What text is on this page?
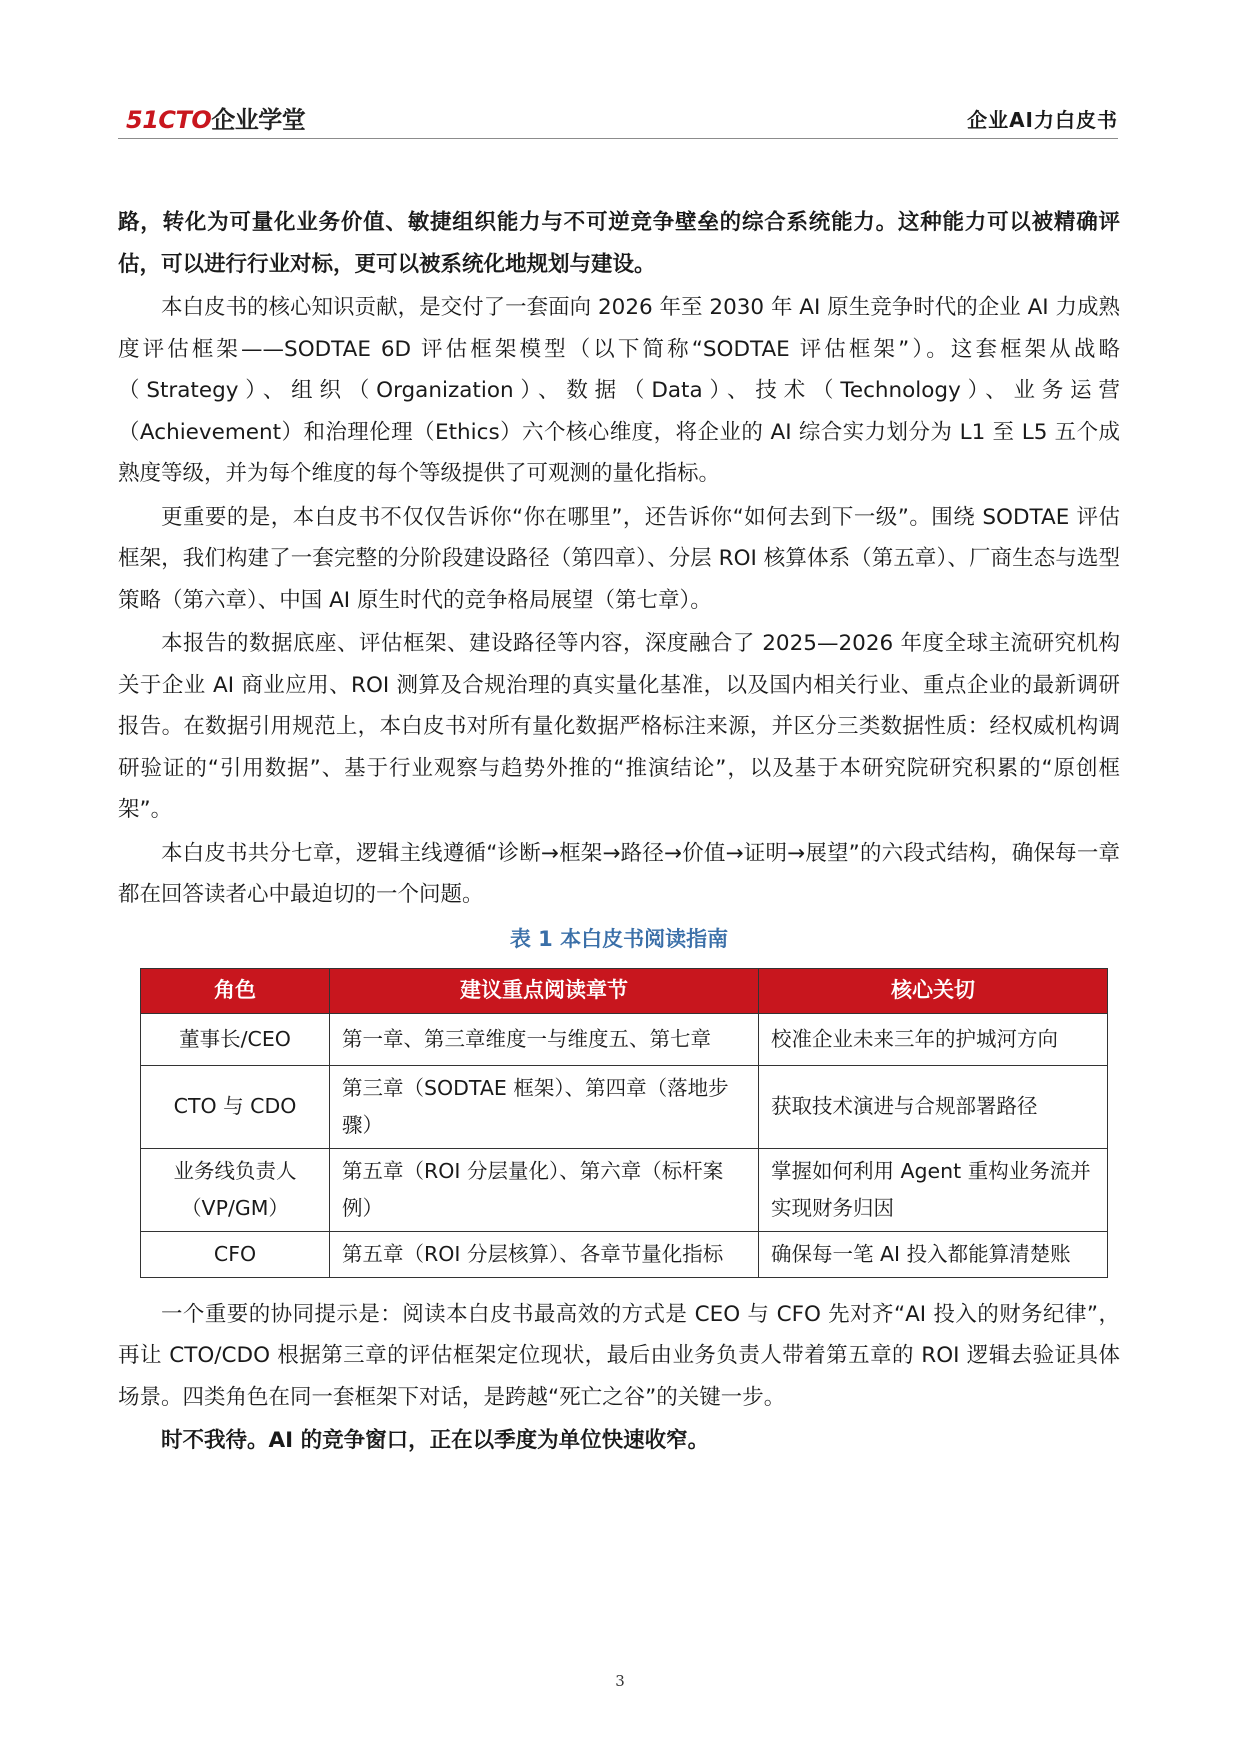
51CTO企业学堂	企业AI力白皮书

路，转化为可量化业务价值、敏捷组织能力与不可逆竞争壁垒的综合系统能力。这种能力可以被精确评估，可以进行行业对标，更可以被系统化地规划与建设。

本白皮书的核心知识贡献，是交付了一套面向 2026 年至 2030 年 AI 原生竞争时代的企业 AI 力成熟度评估框架——SODTAE 6D 评估框架模型（以下简称“SODTAE 评估框架”）。这套框架从战略（Strategy）、组织（Organization）、数据（Data）、技术（Technology）、业务运营（Achievement）和治理伦理（Ethics）六个核心维度，将企业的 AI 综合实力划分为 L1 至 L5 五个成熟度等级，并为每个维度的每个等级提供了可观测的量化指标。

更重要的是，本白皮书不仅仅告诉你“你在哪里”，还告诉你“如何去到下一级”。围绕 SODTAE 评估框架，我们构建了一套完整的分阶段建设路径（第四章）、分层 ROI 核算体系（第五章）、厂商生态与选型策略（第六章）、中国 AI 原生时代的竞争格局展望（第七章）。

本报告的数据底座、评估框架、建设路径等内容，深度融合了 2025—2026 年度全球主流研究机构关于企业 AI 商业应用、ROI 测算及合规治理的真实量化基准，以及国内相关行业、重点企业的最新调研报告。在数据引用规范上，本白皮书对所有量化数据严格标注来源，并区分三类数据性质：经权威机构调研验证的“引用数据”、基于行业观察与趋势外推的“推演结论”，以及基于本研究院研究积累的“原创框架”。

本白皮书共分七章，逻辑主线遵循“诊断→框架→路径→价值→证明→展望”的六段式结构，确保每一章都在回答读者心中最迫切的一个问题。

表 1 本白皮书阅读指南
角色	建议重点阅读章节	核心关切
董事长/CEO	第一章、第三章维度一与维度五、第七章	校准企业未来三年的护城河方向
CTO 与 CDO	第三章（SODTAE 框架）、第四章（落地步骤）	获取技术演进与合规部署路径
业务线负责人（VP/GM）	第五章（ROI 分层量化）、第六章（标杆案例）	掌握如何利用 Agent 重构业务流并实现财务归因
CFO	第五章（ROI 分层核算）、各章节量化指标	确保每一笔 AI 投入都能算清楚账

一个重要的协同提示是：阅读本白皮书最高效的方式是 CEO 与 CFO 先对齐“AI 投入的财务纪律”，再让 CTO/CDO 根据第三章的评估框架定位现状，最后由业务负责人带着第五章的 ROI 逻辑去验证具体场景。四类角色在同一套框架下对话，是跨越“死亡之谷”的关键一步。

时不我待。AI 的竞争窗口，正在以季度为单位快速收窄。

3
